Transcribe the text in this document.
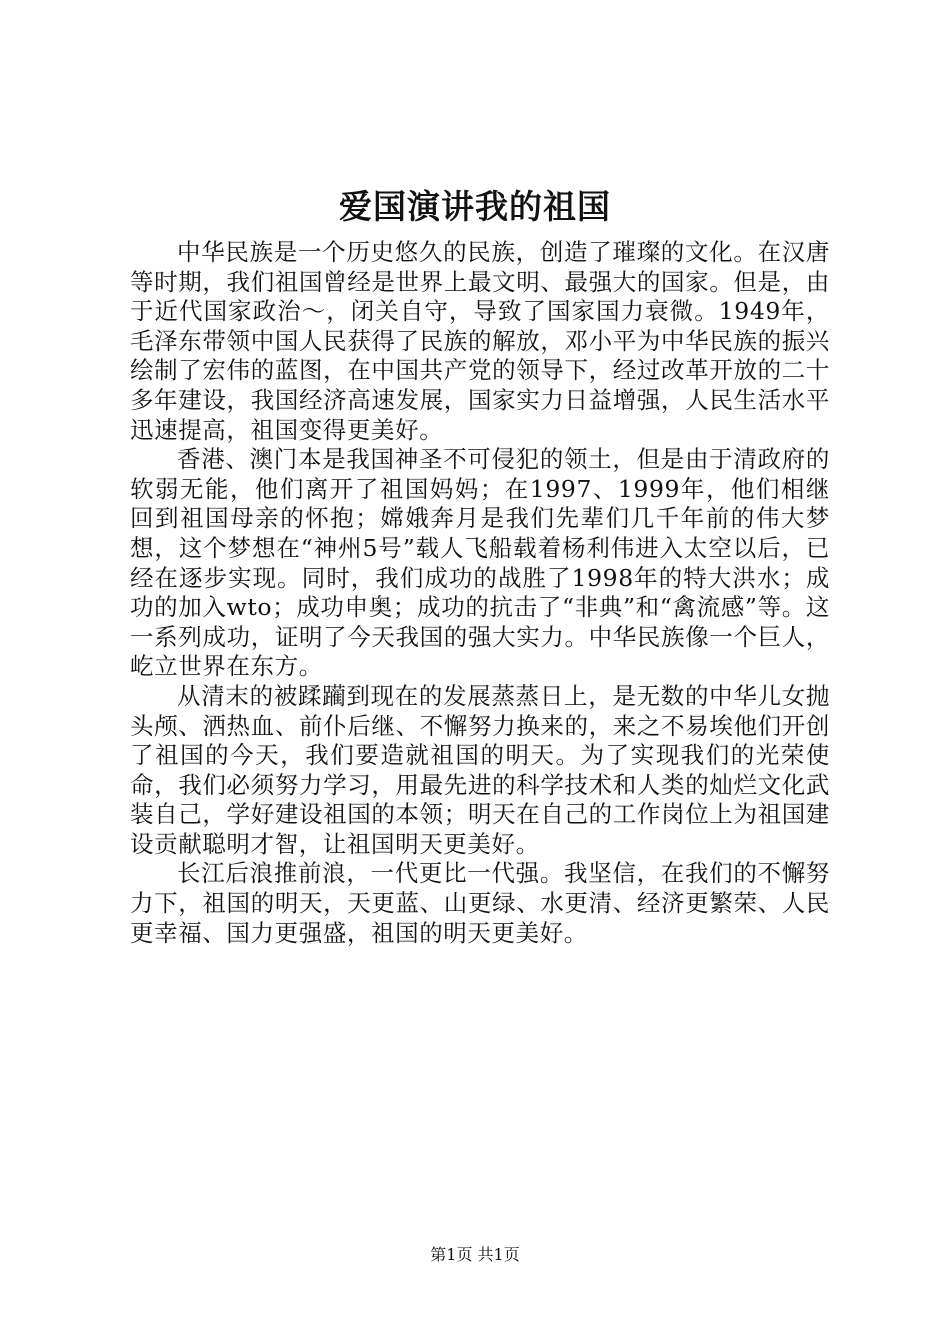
爱国演讲我的祖国

中华民族是一个历史悠久的民族，创造了璀璨的文化。在汉唐等时期，我们祖国曾经是世界上最文明、最强大的国家。但是，由于近代国家政治～，闭关自守，导致了国家国力衰微。1949年，毛泽东带领中国人民获得了民族的解放，邓小平为中华民族的振兴绘制了宏伟的蓝图，在中国共产党的领导下，经过改革开放的二十多年建设，我国经济高速发展，国家实力日益增强，人民生活水平迅速提高，祖国变得更美好。

香港、澳门本是我国神圣不可侵犯的领土，但是由于清政府的软弱无能，他们离开了祖国妈妈；在1997、1999年，他们相继回到祖国母亲的怀抱；嫦娥奔月是我们先辈们几千年前的伟大梦想，这个梦想在“神州5号”载人飞船载着杨利伟进入太空以后，已经在逐步实现。同时，我们成功的战胜了1998年的特大洪水；成功的加入wto；成功申奥；成功的抗击了“非典”和“禽流感”等。这一系列成功，证明了今天我国的强大实力。中华民族像一个巨人，屹立世界在东方。

从清末的被蹂躏到现在的发展蒸蒸日上，是无数的中华儿女抛头颅、洒热血、前仆后继、不懈努力换来的，来之不易埃他们开创了祖国的今天，我们要造就祖国的明天。为了实现我们的光荣使命，我们必须努力学习，用最先进的科学技术和人类的灿烂文化武装自己，学好建设祖国的本领；明天在自己的工作岗位上为祖国建设贡献聪明才智，让祖国明天更美好。

长江后浪推前浪，一代更比一代强。我坚信，在我们的不懈努力下，祖国的明天，天更蓝、山更绿、水更清、经济更繁荣、人民更幸福、国力更强盛，祖国的明天更美好。

第1页 共1页
